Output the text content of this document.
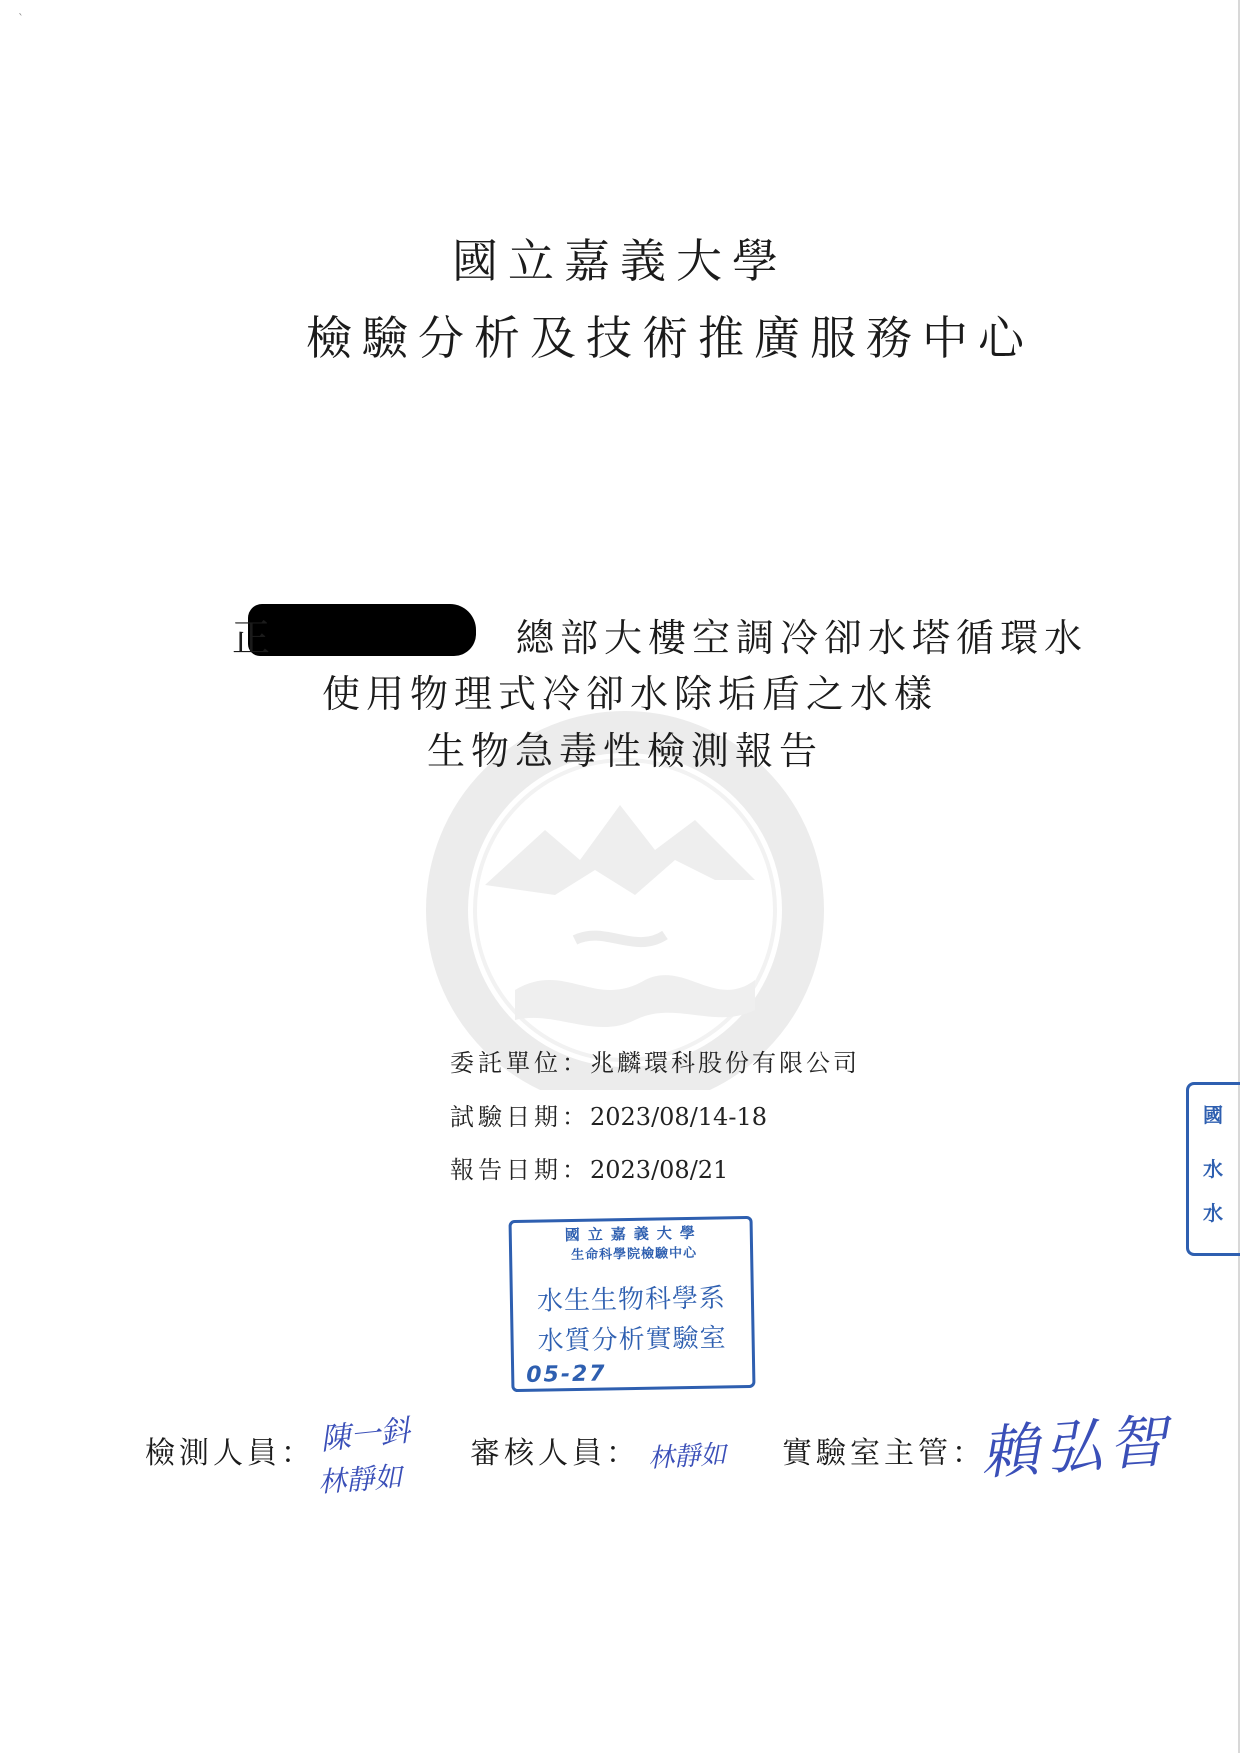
`
國立嘉義大學
檢驗分析及技術推廣服務中心
正	總部大樓空調冷卻水塔循環水
使用物理式冷卻水除垢盾之水樣
生物急毒性檢測報告
委託單位：兆麟環科股份有限公司
試驗日期：2023/08/14-18
報告日期：2023/08/21
國立嘉義大學
生命科學院檢驗中心
水生生物科學系
水質分析實驗室
05-27
國
水
水
檢測人員： 陳一鈄
林靜如
審核人員： 林靜如 實驗室主管：
賴弘智
